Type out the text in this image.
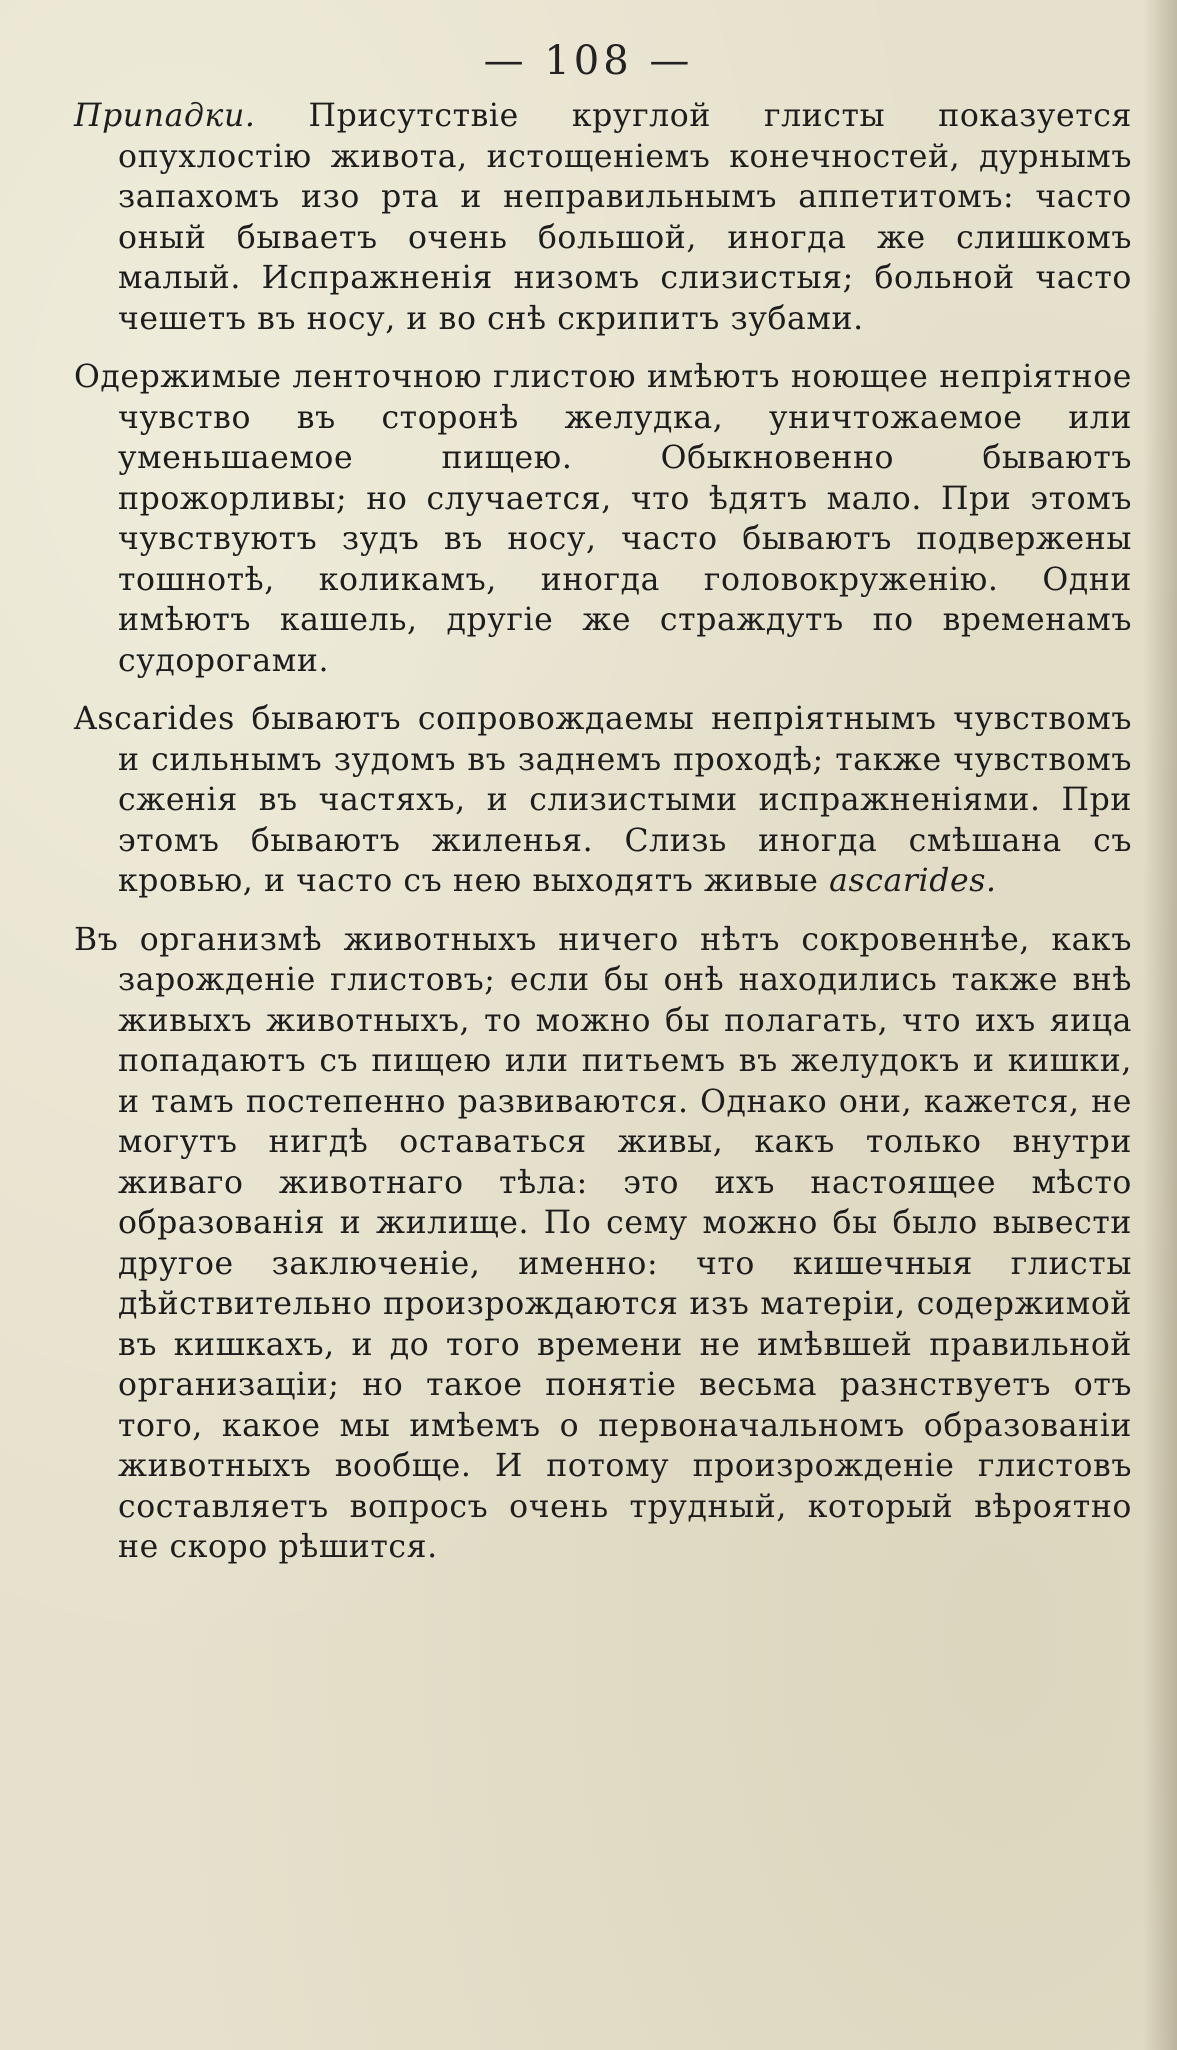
— 108 —

Припадки. Присутствіе круглой глисты показуется опухлостію живота, истощеніемъ конечностей, дурнымъ запахомъ изо рта и неправильнымъ аппетитомъ: часто оный бываетъ очень большой, иногда же слишкомъ малый. Испражненія низомъ слизистыя; больной часто чешетъ въ носу, и во снѣ скрипитъ зубами.

Одержимые ленточною глистою имѣютъ ноющее непріятное чувство въ сторонѣ желудка, уничтожаемое или уменьшаемое пищею. Обыкновенно бываютъ прожорливы; но случается, что ѣдятъ мало. При этомъ чувствуютъ зудъ въ носу, часто бываютъ подвержены тошнотѣ, коликамъ, иногда головокруженію. Одни имѣютъ кашель, другіе же страждутъ по временамъ судорогами.

Ascarides бываютъ сопровождаемы непріятнымъ чувствомъ и сильнымъ зудомъ въ заднемъ проходѣ; также чувствомъ сженія въ частяхъ, и слизистыми испражненіями. При этомъ бываютъ жиленья. Слизь иногда смѣшана съ кровью, и часто съ нею выходятъ живые ascarides.

Въ организмѣ животныхъ ничего нѣтъ сокровеннѣе, какъ зарожденіе глистовъ; если бы онѣ находились также внѣ живыхъ животныхъ, то можно бы полагать, что ихъ яица попадаютъ съ пищею или питьемъ въ желудокъ и кишки, и тамъ постепенно развиваются. Однако они, кажется, не могутъ нигдѣ оставаться живы, какъ только внутри живаго животнаго тѣла: это ихъ настоящее мѣсто образованія и жилище. По сему можно бы было вывести другое заключеніе, именно: что кишечныя глисты дѣйствительно произрождаются изъ матеріи, содержимой въ кишкахъ, и до того времени не имѣвшей правильной организаціи; но такое понятіе весьма разнствуетъ отъ того, какое мы имѣемъ о первоначальномъ образованіи животныхъ вообще. И потому произрожденіе глистовъ составляетъ вопросъ очень трудный, который вѣроятно не скоро рѣшится.
